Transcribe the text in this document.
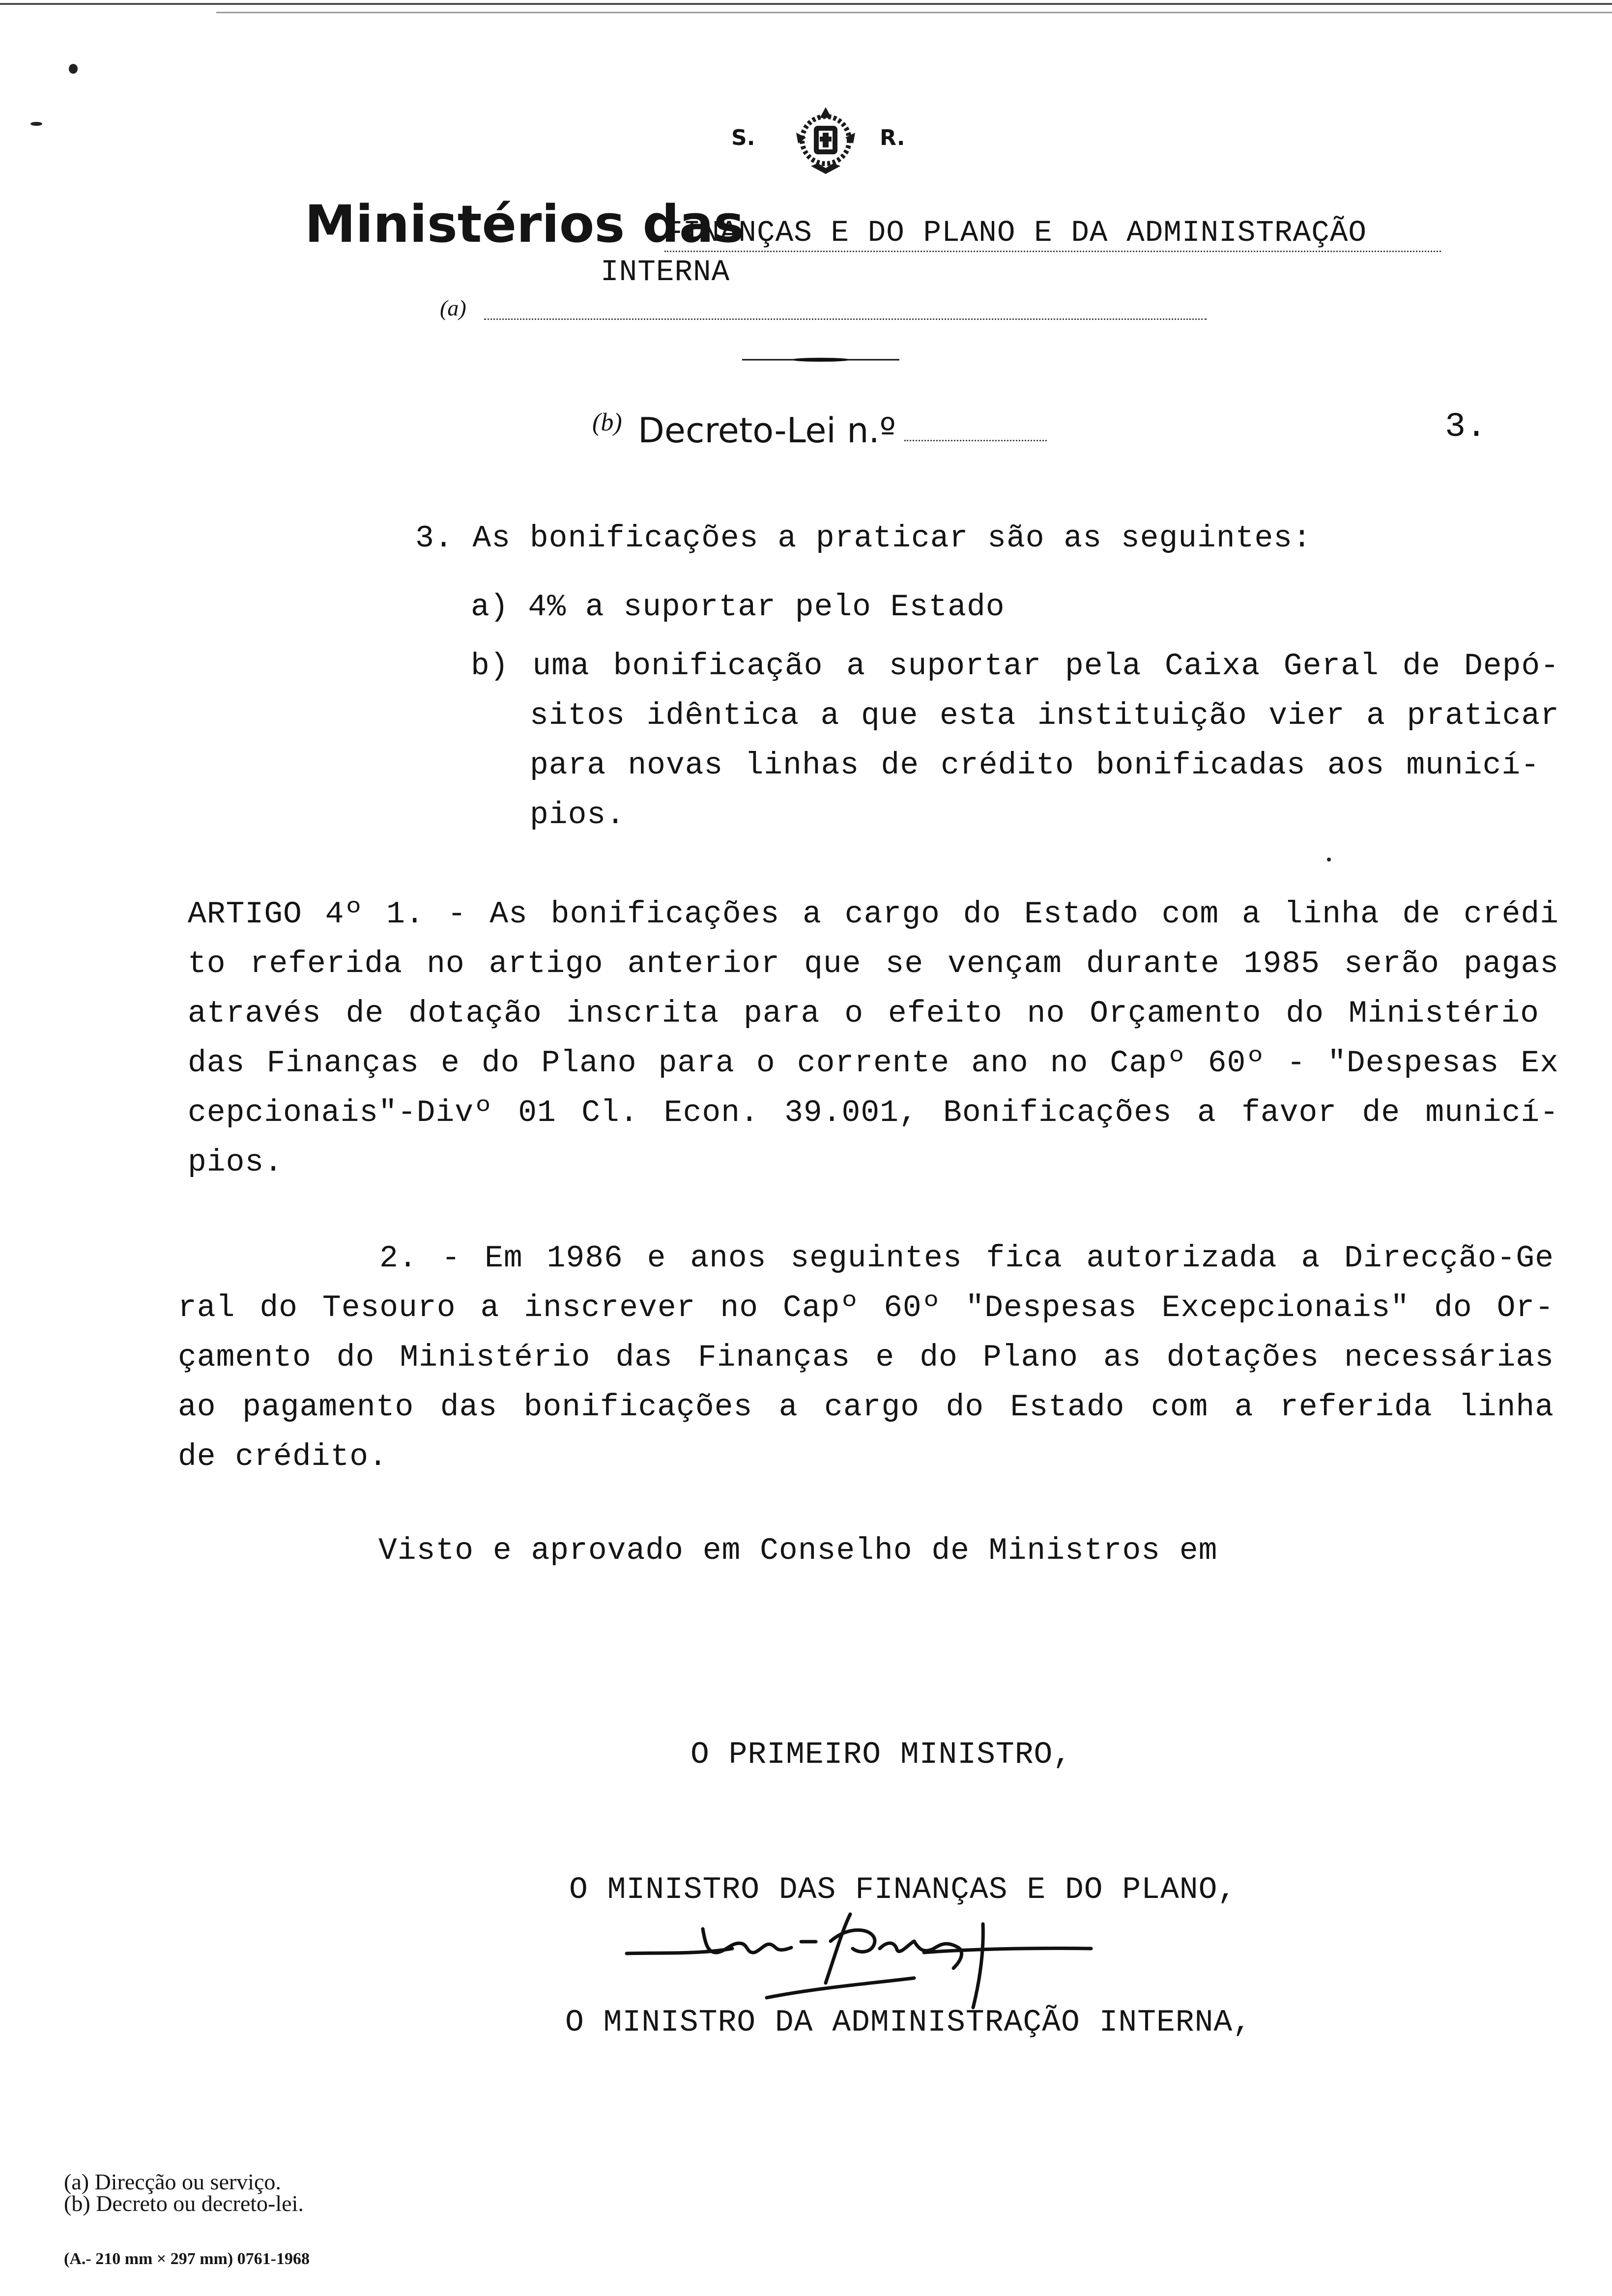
S.	R.
Ministérios das
FINANÇAS E DO PLANO E DA ADMINISTRAÇÃO
INTERNA
(a)
(b) Decreto-Lei n.º	3.
3. As bonificações a praticar são as seguintes:
a) 4% a suportar pelo Estado
b) uma bonificação a suportar pela Caixa Geral de Depó-
sitos idêntica a que esta instituição vier a praticar
para novas linhas de crédito bonificadas aos municí-
pios.
ARTIGO 4º 1. - As bonificações a cargo do Estado com a linha de crédi
to referida no artigo anterior que se vençam durante 1985 serão pagas
através de dotação inscrita para o efeito no Orçamento do Ministério
das Finanças e do Plano para o corrente ano no Capº 60º - "Despesas Ex
cepcionais"-Divº 01 Cl. Econ. 39.001, Bonificações a favor de municí-
pios.
2. - Em 1986 e anos seguintes fica autorizada a Direcção-Ge
ral do Tesouro a inscrever no Capº 60º "Despesas Excepcionais" do Or-
çamento do Ministério das Finanças e do Plano as dotações necessárias
ao pagamento das bonificações a cargo do Estado com a referida linha
de crédito.
Visto e aprovado em Conselho de Ministros em
O PRIMEIRO MINISTRO,
O MINISTRO DAS FINANÇAS E DO PLANO,
O MINISTRO DA ADMINISTRAÇÃO INTERNA,
(a) Direcção ou serviço.
(b) Decreto ou decreto-lei.
(A.- 210 mm × 297 mm) 0761-1968
